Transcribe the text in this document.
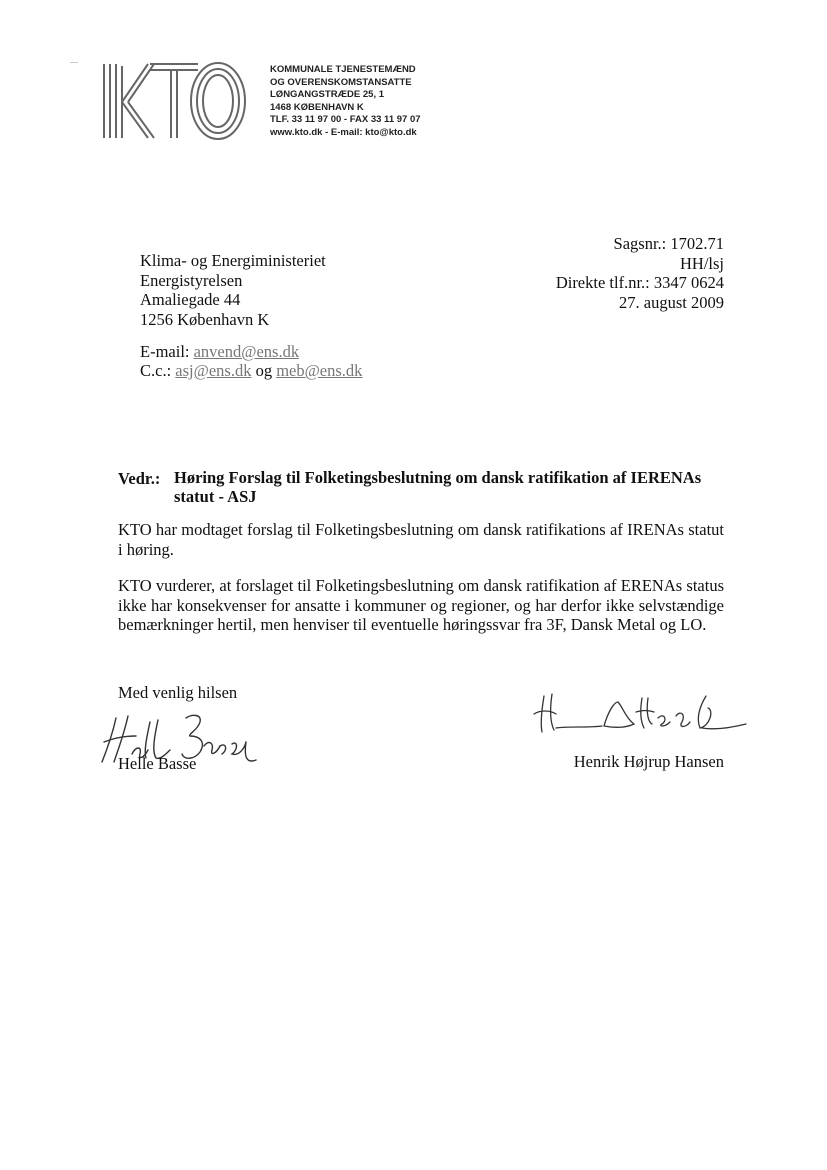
KOMMUNALE TJENESTEMÆND
OG OVERENSKOMSTANSATTE
LØNGANGSTRÆDE 25, 1
1468 KØBENHAVN K
TLF. 33 11 97 00 - FAX 33 11 97 07
www.kto.dk - E-mail: kto@kto.dk
Klima- og Energiministeriet
Energistyrelsen
Amaliegade 44
1256 København K
Sagsnr.: 1702.71
HH/lsj
Direkte tlf.nr.: 3347 0624
27. august 2009
E-mail: anvend@ens.dk
C.c.: asj@ens.dk og meb@ens.dk
Vedr.: Høring Forslag til Folketingsbeslutning om dansk ratifikation af IERENAs statut - ASJ
KTO har modtaget forslag til Folketingsbeslutning om dansk ratifikations af IRENAs statut i høring.
KTO vurderer, at forslaget til Folketingsbeslutning om dansk ratifikation af ERENAs status ikke har konsekvenser for ansatte i kommuner og regioner, og har derfor ikke selvstændige bemærkninger hertil, men henviser til eventuelle høringssvar fra 3F, Dansk Metal og LO.
Med venlig hilsen
Helle Basse	Henrik Højrup Hansen
